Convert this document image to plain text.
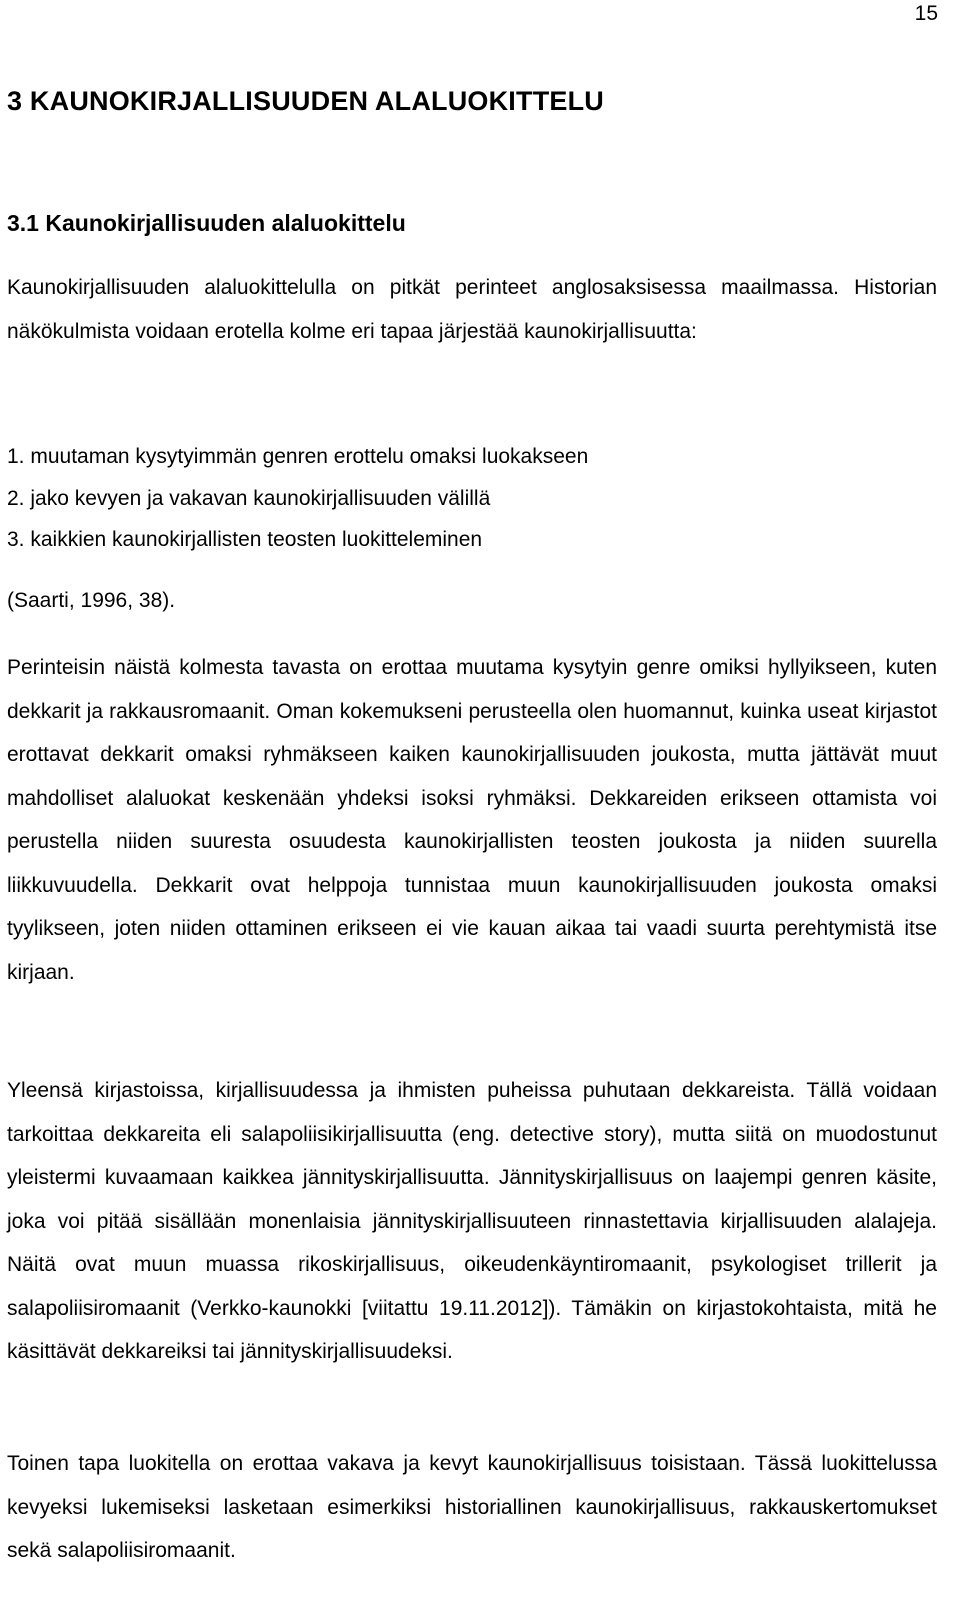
15
3 KAUNOKIRJALLISUUDEN ALALUOKITTELU
3.1 Kaunokirjallisuuden alaluokittelu

Kaunokirjallisuuden alaluokittelulla on pitkät perinteet anglosaksisessa maailmassa. Historian näkökulmista voidaan erotella kolme eri tapaa järjestää kaunokirjallisuutta:

1. muutaman kysytyimmän genren erottelu omaksi luokakseen
2. jako kevyen ja vakavan kaunokirjallisuuden välillä
3. kaikkien kaunokirjallisten teosten luokitteleminen

(Saarti, 1996, 38).

Perinteisin näistä kolmesta tavasta on erottaa muutama kysytyin genre omiksi hyllyikseen, kuten dekkarit ja rakkausromaanit. Oman kokemukseni perusteella olen huomannut, kuinka useat kirjastot erottavat dekkarit omaksi ryhmäkseen kaiken kaunokirjallisuuden joukosta, mutta jättävät muut mahdolliset alaluokat keskenään yhdeksi isoksi ryhmäksi. Dekkareiden erikseen ottamista voi perustella niiden suuresta osuudesta kaunokirjallisten teosten joukosta ja niiden suurella liikkuvuudella. Dekkarit ovat helppoja tunnistaa muun kaunokirjallisuuden joukosta omaksi tyylikseen, joten niiden ottaminen erikseen ei vie kauan aikaa tai vaadi suurta perehtymistä itse kirjaan.

Yleensä kirjastoissa, kirjallisuudessa ja ihmisten puheissa puhutaan dekkareista. Tällä voidaan tarkoittaa dekkareita eli salapoliisikirjallisuutta (eng. detective story), mutta siitä on muodostunut yleistermi kuvaamaan kaikkea jännityskirjallisuutta. Jännityskirjallisuus on laajempi genren käsite, joka voi pitää sisällään monenlaisia jännityskirjallisuuteen rinnastettavia kirjallisuuden alalajeja. Näitä ovat muun muassa rikoskirjallisuus, oikeudenkäyntiromaanit, psykologiset trillerit ja salapoliisiromaanit (Verkko-kaunokki [viitattu 19.11.2012]). Tämäkin on kirjastokohtaista, mitä he käsittävät dekkareiksi tai jännityskirjallisuudeksi.

Toinen tapa luokitella on erottaa vakava ja kevyt kaunokirjallisuus toisistaan. Tässä luokittelussa kevyeksi lukemiseksi lasketaan esimerkiksi historiallinen kaunokirjallisuus, rakkauskertomukset sekä salapoliisiromaanit.
